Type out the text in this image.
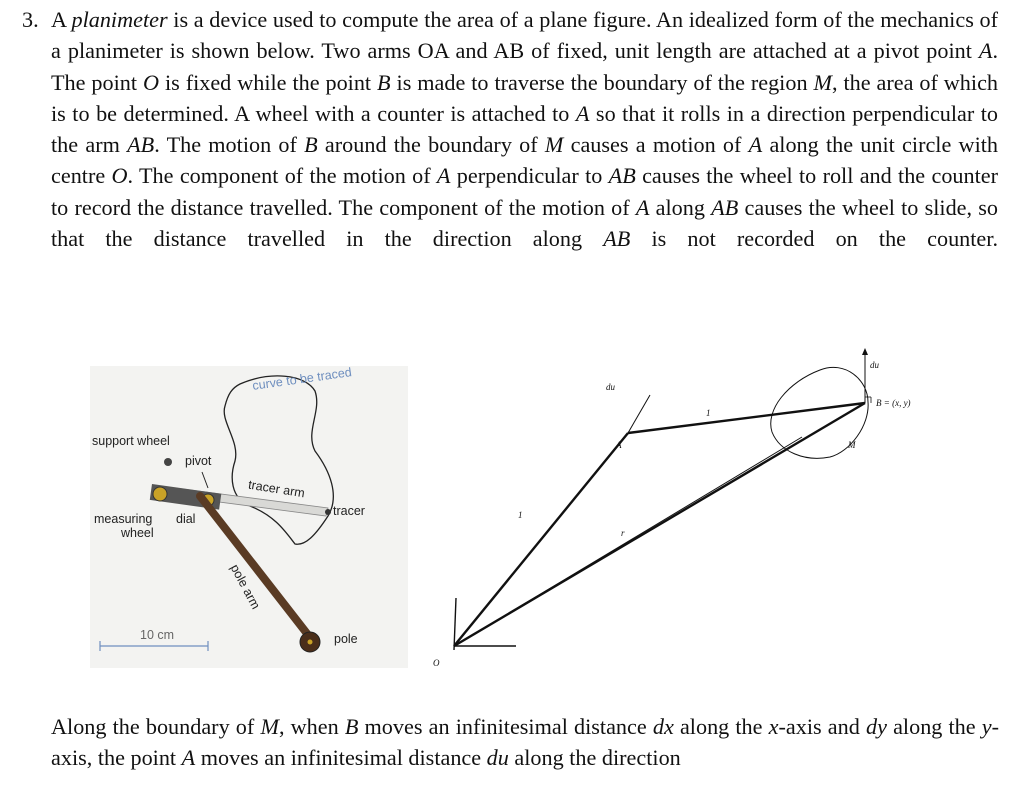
3. A planimeter is a device used to compute the area of a plane figure. An idealized form of the mechanics of a planimeter is shown below. Two arms OA and AB of fixed, unit length are attached at a pivot point A. The point O is fixed while the point B is made to traverse the boundary of the region M, the area of which is to be determined. A wheel with a counter is attached to A so that it rolls in a direction perpendicular to the arm AB. The motion of B around the boundary of M causes a motion of A along the unit circle with centre O. The component of the motion of A perpendicular to AB causes the wheel to roll and the counter to record the distance travelled. The component of the motion of A along AB causes the wheel to slide, so that the distance travelled in the direction along AB is not recorded on the counter.
support wheel
pivot
measuring
wheel
dial
tracer arm
tracer
pole arm
pole
10 cm
curve to be traced
du
du
B = (x, y)
1
1
r
A	M
O
Along the boundary of M, when B moves an infinitesimal distance dx along the x-axis and dy along the y-axis, the point A moves an infinitesimal distance du along the direction
